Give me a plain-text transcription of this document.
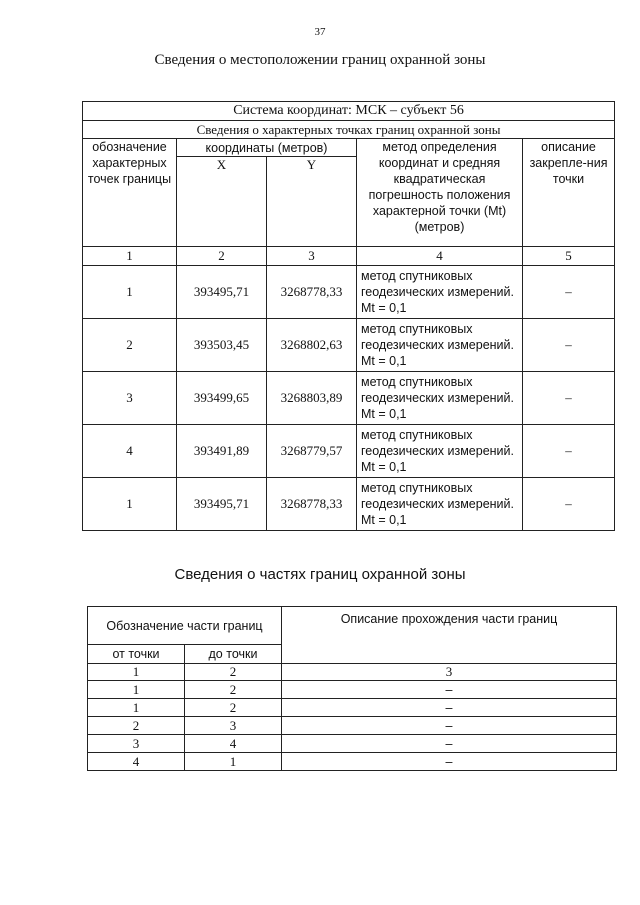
37
Сведения о местоположении границ охранной зоны
Система координат: МСК – субъект 56				
Сведения о характерных точках границ охранной зоны				
обозначение характерных точек границы	координаты (метров)		метод определения координат и средняя квадратическая погрешность положения характерной точки (Mt) (метров)	описание закрепле-ния точки
	X	Y		
1	2	3	4	5
1	393495,71	3268778,33	метод спутниковых геодезических измерений. Mt = 0,1	–
2	393503,45	3268802,63	метод спутниковых геодезических измерений. Mt = 0,1	–
3	393499,65	3268803,89	метод спутниковых геодезических измерений. Mt = 0,1	–
4	393491,89	3268779,57	метод спутниковых геодезических измерений. Mt = 0,1	–
1	393495,71	3268778,33	метод спутниковых геодезических измерений. Mt = 0,1	–
Сведения о частях границ охранной зоны
Обозначение части границ		Описание прохождения части границ
от точки	до точки	
1	2	3
1	2	–
1	2	–
2	3	–
3	4	–
4	1	–
